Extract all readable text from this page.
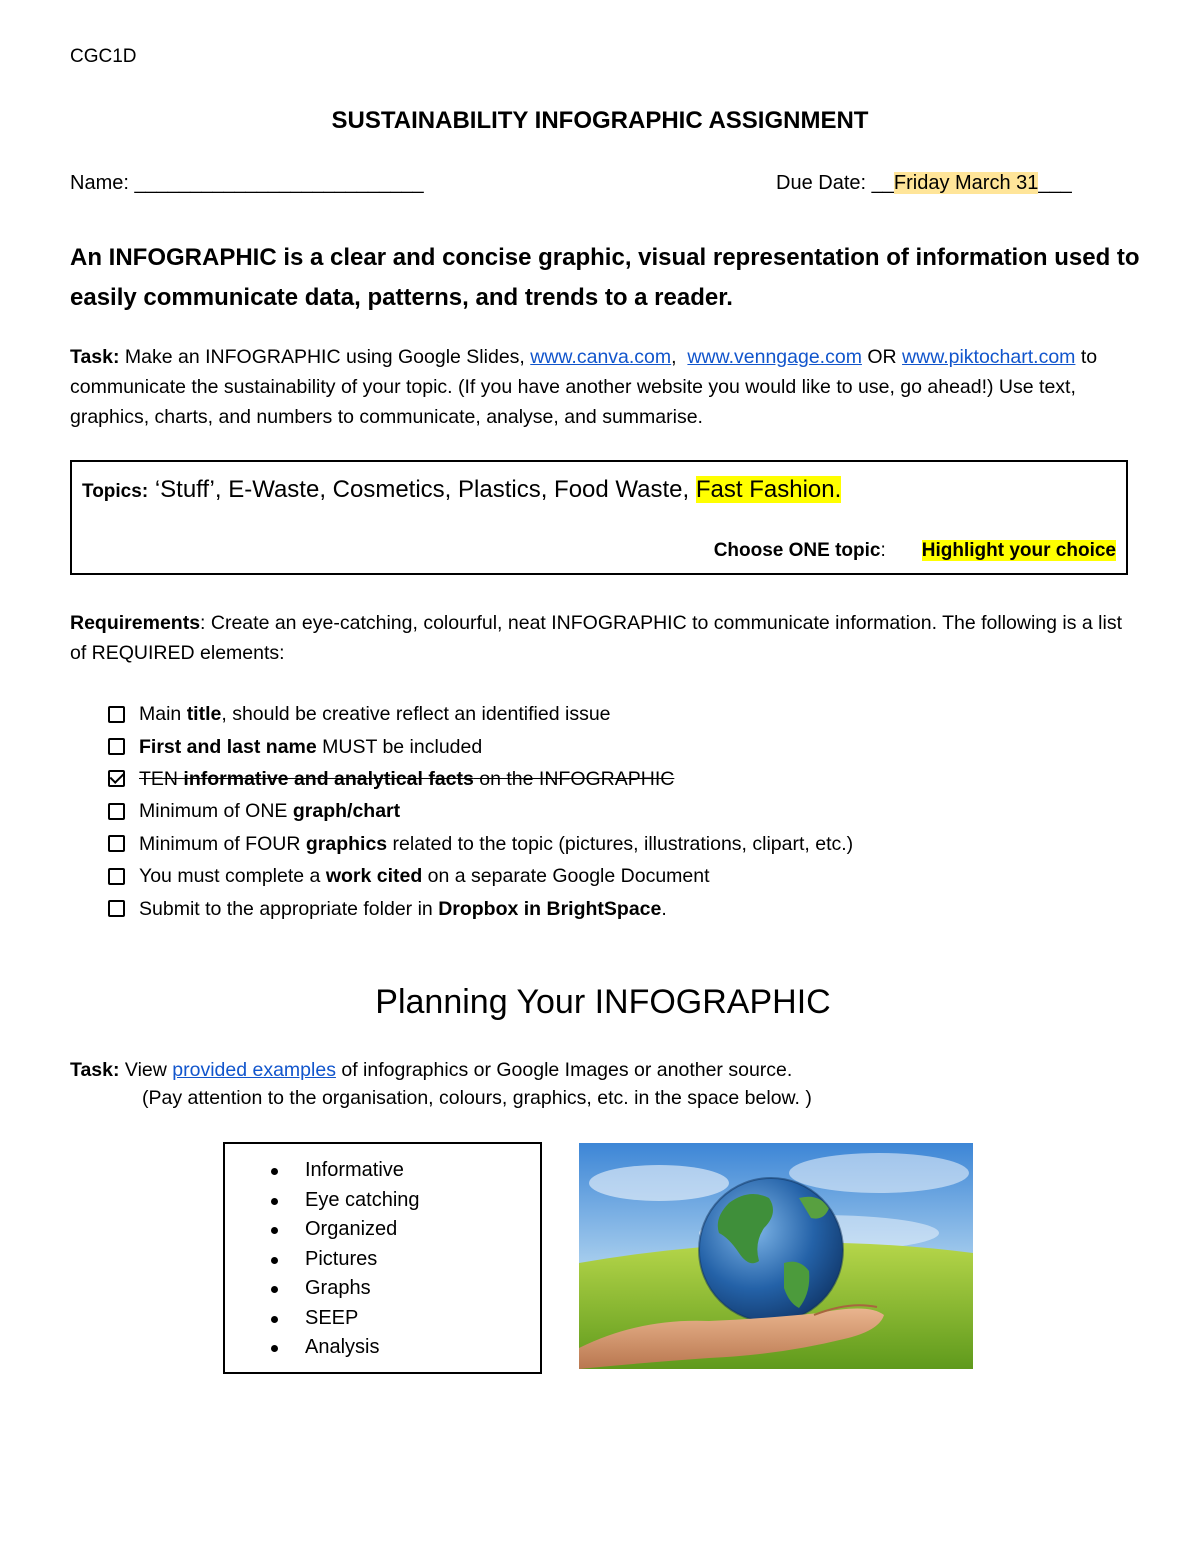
CGC1D
SUSTAINABILITY INFOGRAPHIC ASSIGNMENT
Name: __________________________	Due Date: __Friday March 31___
An INFOGRAPHIC is a clear and concise graphic, visual representation of information used to easily communicate data, patterns, and trends to a reader.
Task: Make an INFOGRAPHIC using Google Slides, www.canva.com, www.venngage.com OR www.piktochart.com to communicate the sustainability of your topic. (If you have another website you would like to use, go ahead!) Use text, graphics, charts, and numbers to communicate, analyse, and summarise.
Topics: ‘Stuff’, E-Waste, Cosmetics, Plastics, Food Waste, Fast Fashion.
Choose ONE topic: Highlight your choice
Requirements: Create an eye-catching, colourful, neat INFOGRAPHIC to communicate information. The following is a list of REQUIRED elements:
Main title, should be creative reflect an identified issue
First and last name MUST be included
TEN informative and analytical facts on the INFOGRAPHIC
Minimum of ONE graph/chart
Minimum of FOUR graphics related to the topic (pictures, illustrations, clipart, etc.)
You must complete a work cited on a separate Google Document
Submit to the appropriate folder in Dropbox in BrightSpace.
Planning Your INFOGRAPHIC
Task: View provided examples of infographics or Google Images or another source.
(Pay attention to the organisation, colours, graphics, etc. in the space below. )
Informative
Eye catching
Organized
Pictures
Graphs
SEEP
Analysis
